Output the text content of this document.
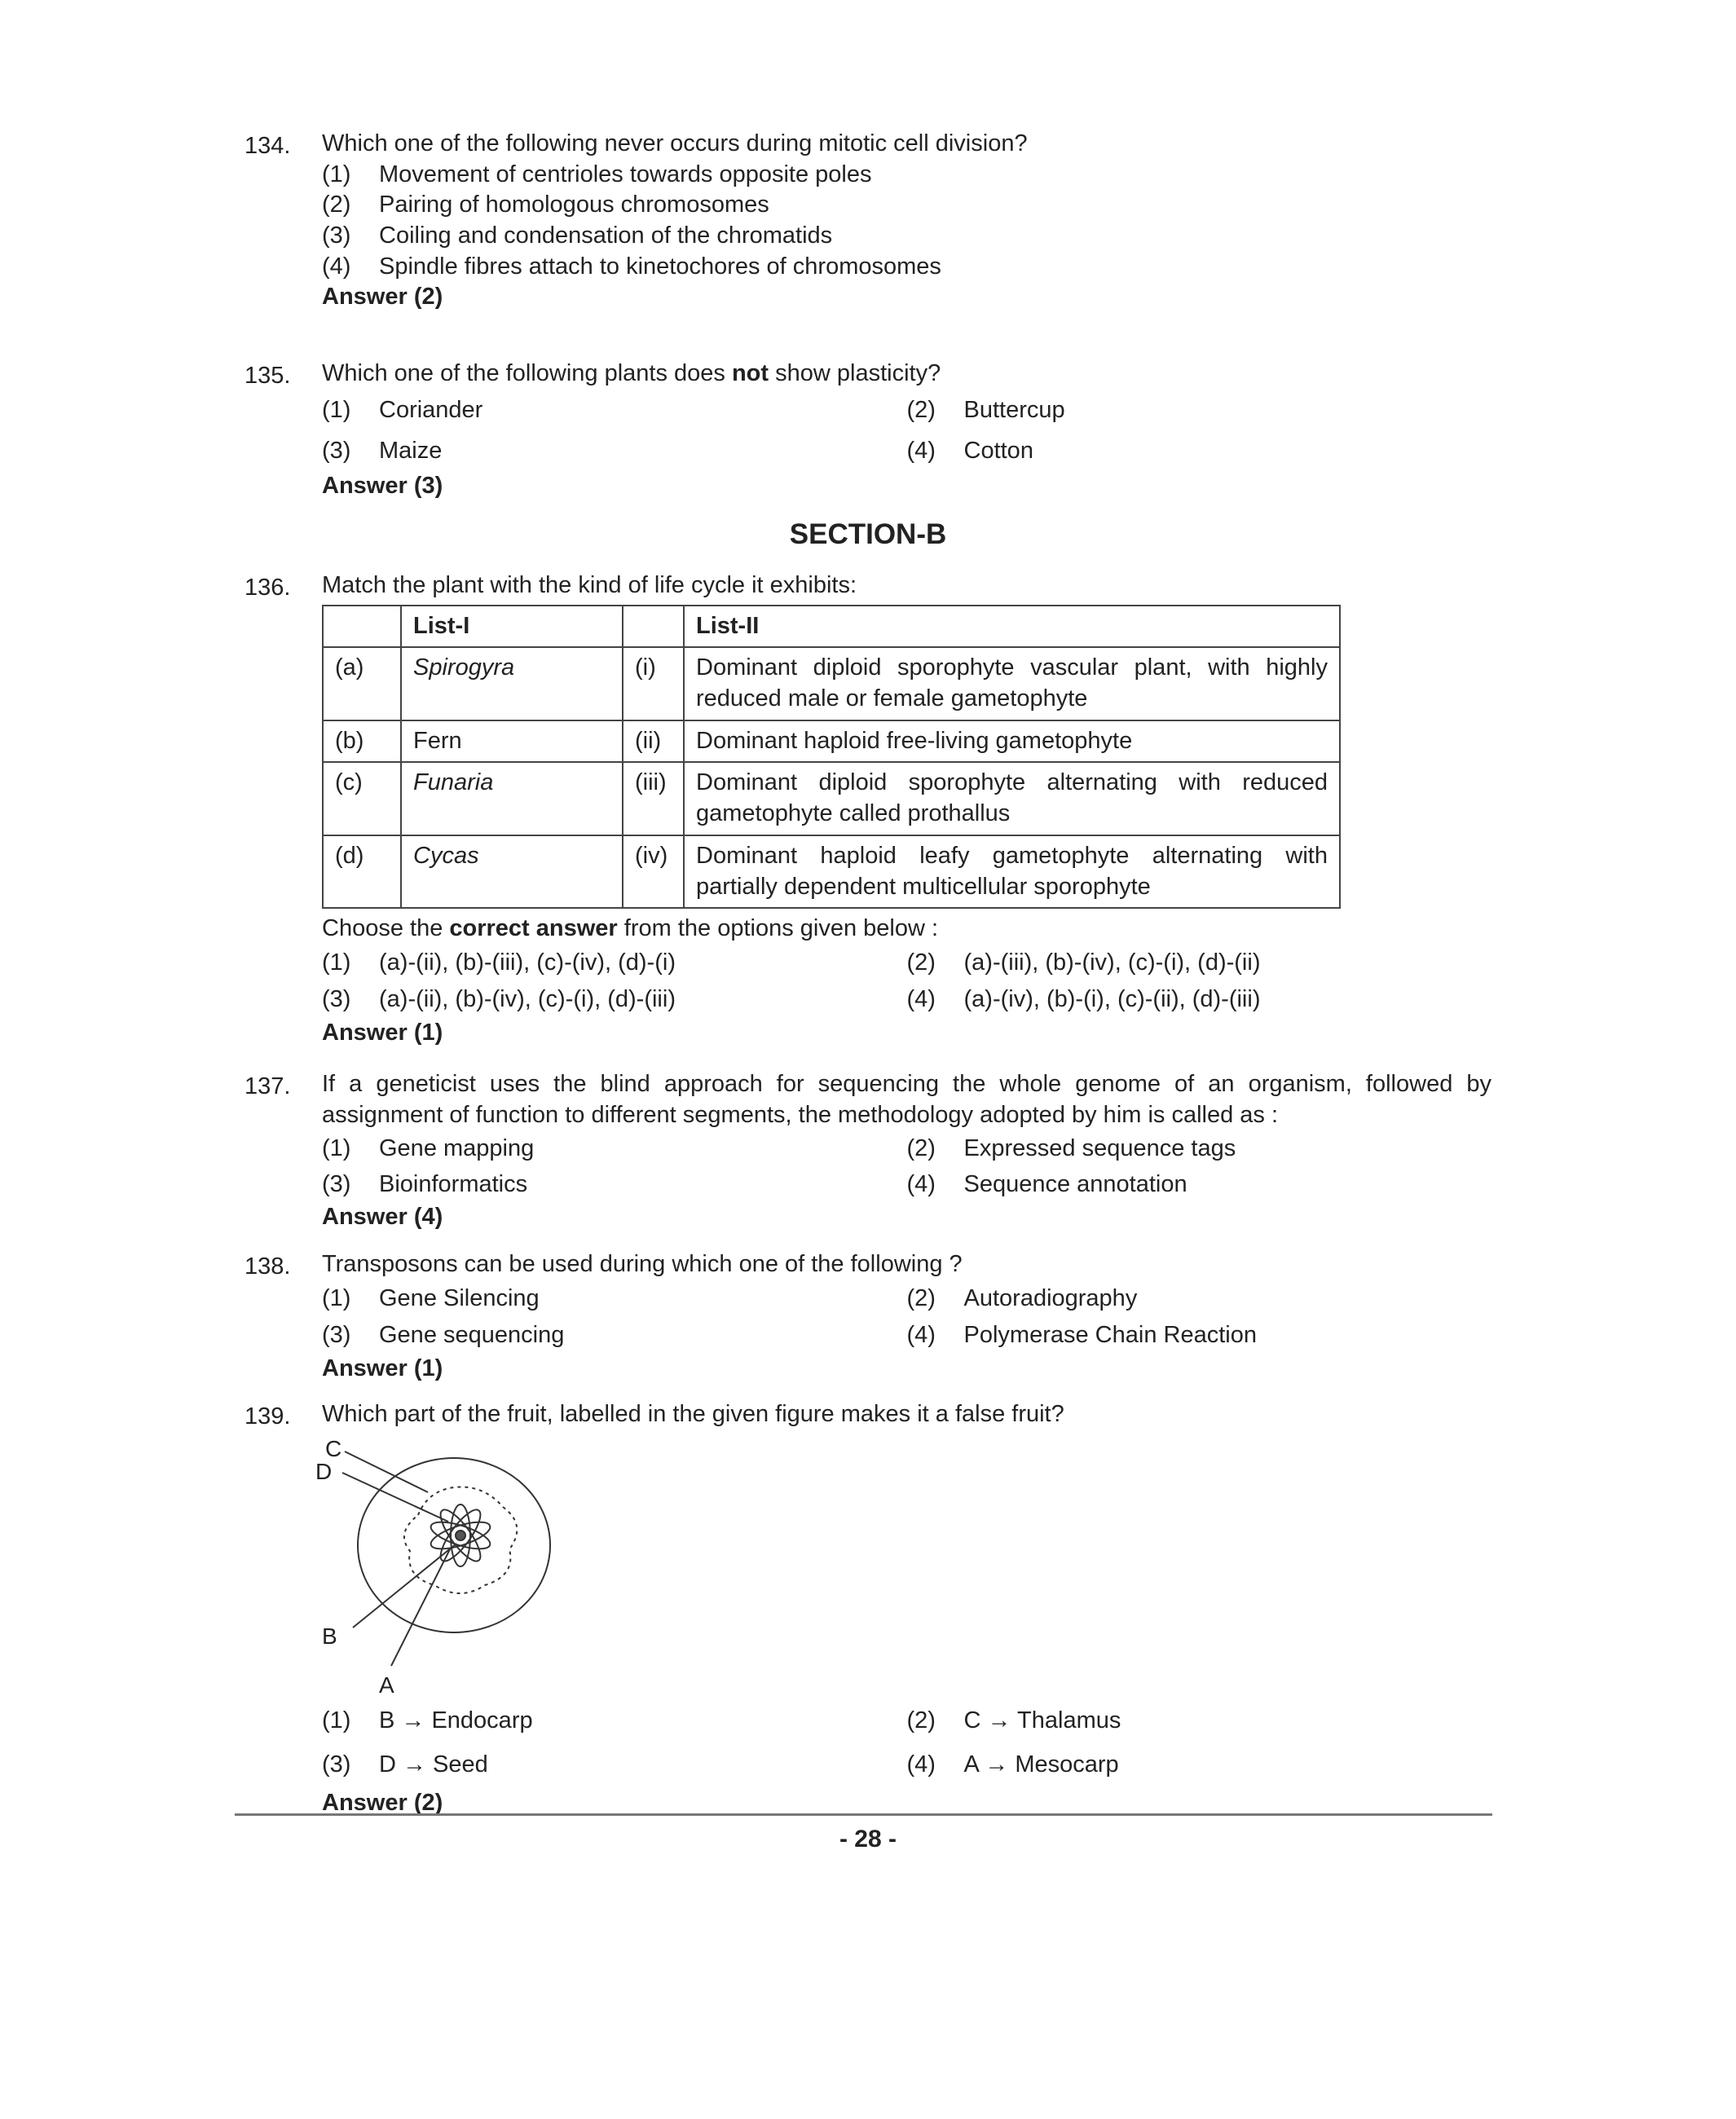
134. Which one of the following never occurs during mitotic cell division?
(1)	Movement of centrioles towards opposite poles
(2)	Pairing of homologous chromosomes
(3)	Coiling and condensation of the chromatids
(4)	Spindle fibres attach to kinetochores of chromosomes
Answer (2)
135. Which one of the following plants does not show plasticity?
(1)	Coriander	(2)	Buttercup
(3)	Maize	(4)	Cotton
Answer (3)
SECTION-B
136. Match the plant with the kind of life cycle it exhibits:
	List-I		List-II
(a)	Spirogyra	(i)	Dominant diploid sporophyte vascular plant, with highly reduced male or female gametophyte
(b)	Fern	(ii)	Dominant haploid free-living gametophyte
(c)	Funaria	(iii)	Dominant diploid sporophyte alternating with reduced gametophyte called prothallus
(d)	Cycas	(iv)	Dominant haploid leafy gametophyte alternating with partially dependent multicellular sporophyte
Choose the correct answer from the options given below :
(1)	(a)-(ii), (b)-(iii), (c)-(iv), (d)-(i)	(2)	(a)-(iii), (b)-(iv), (c)-(i), (d)-(ii)
(3)	(a)-(ii), (b)-(iv), (c)-(i), (d)-(iii)	(4)	(a)-(iv), (b)-(i), (c)-(ii), (d)-(iii)
Answer (1)
137. If a geneticist uses the blind approach for sequencing the whole genome of an organism, followed by assignment of function to different segments, the methodology adopted by him is called as :
(1)	Gene mapping	(2)	Expressed sequence tags
(3)	Bioinformatics	(4)	Sequence annotation
Answer (4)
138. Transposons can be used during which one of the following ?
(1)	Gene Silencing	(2)	Autoradiography
(3)	Gene sequencing	(4)	Polymerase Chain Reaction
Answer (1)
139. Which part of the fruit, labelled in the given figure makes it a false fruit?
C
D
B
A
(1)	B → Endocarp	(2)	C → Thalamus
(3)	D → Seed	(4)	A → Mesocarp
Answer (2)
- 28 -
